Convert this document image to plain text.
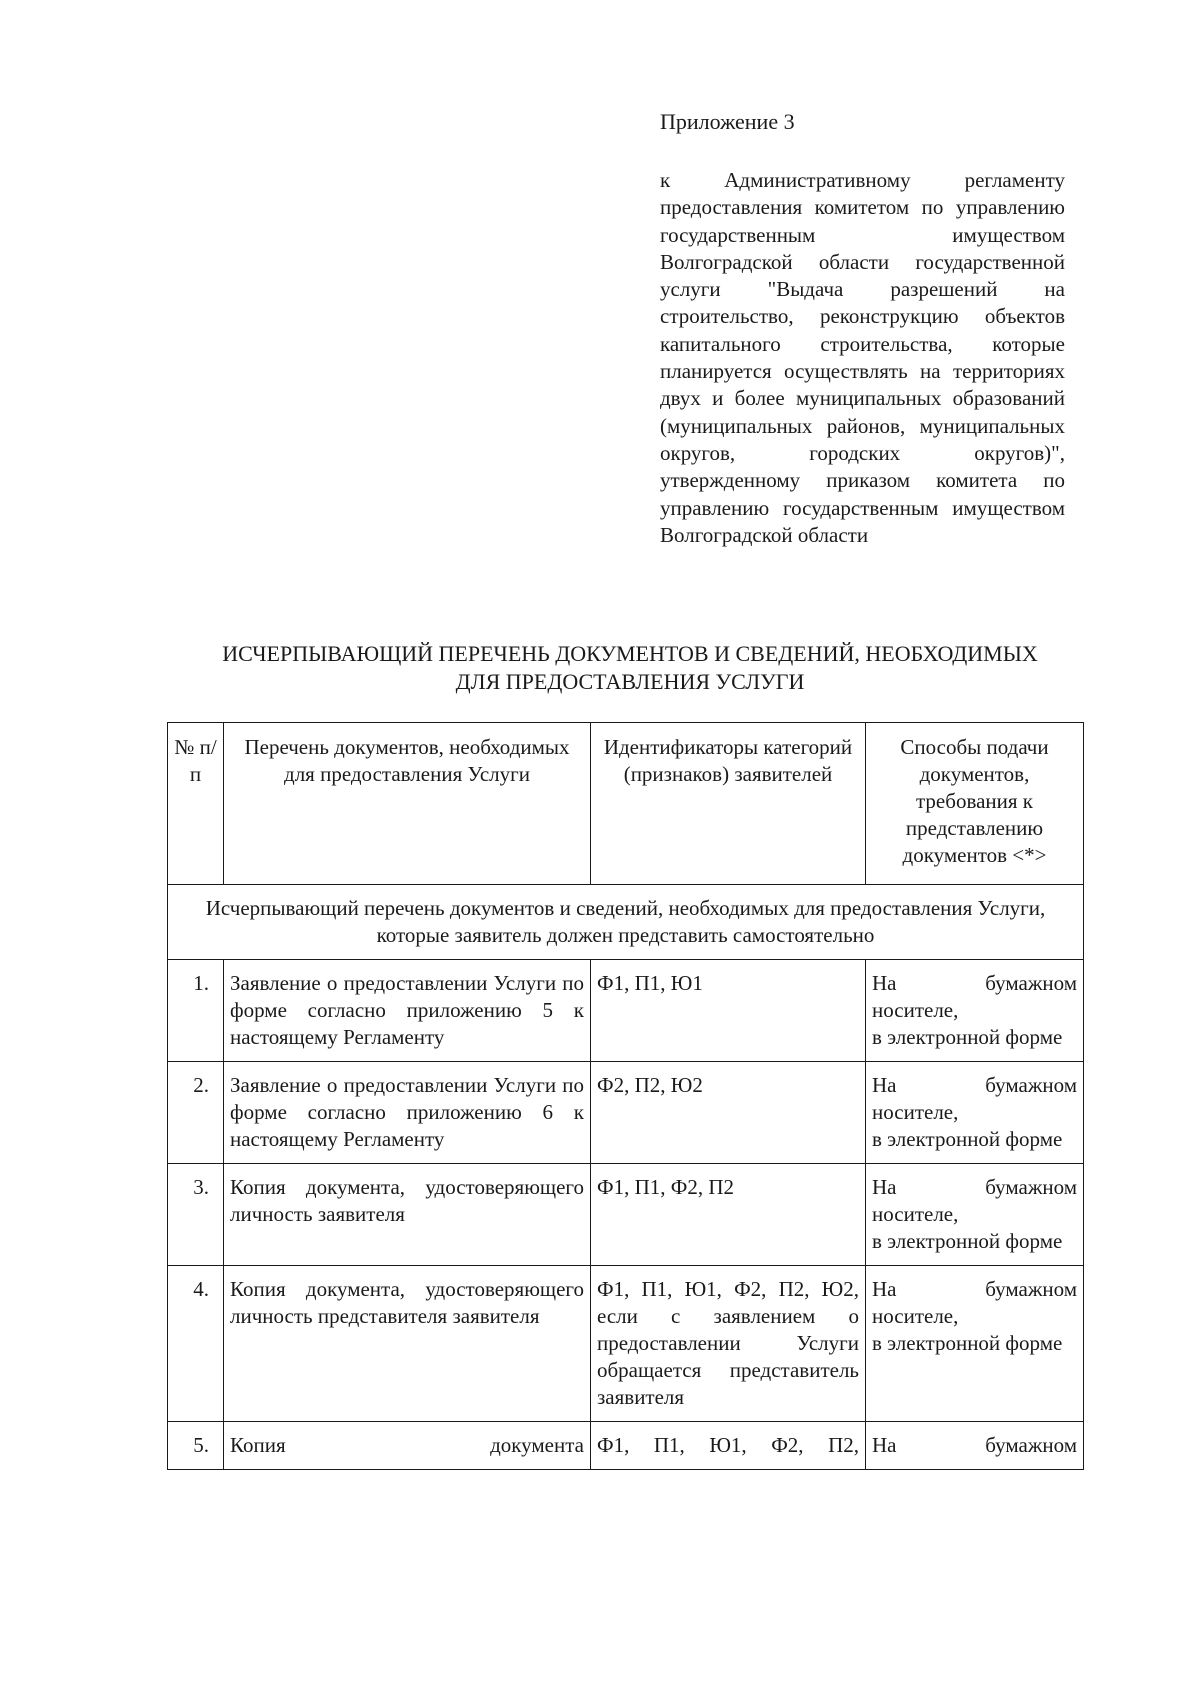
Приложение 3
к Административному регламенту предоставления комитетом по управлению государственным имуществом Волгоградской области государственной услуги "Выдача разрешений на строительство, реконструкцию объектов капитального строительства, которые планируется осуществлять на территориях двух и более муниципальных образований (муниципальных районов, муниципальных округов, городских округов)", утвержденному приказом комитета по управлению государственным имуществом Волгоградской области
ИСЧЕРПЫВАЮЩИЙ ПЕРЕЧЕНЬ ДОКУМЕНТОВ И СВЕДЕНИЙ, НЕОБХОДИМЫХ
ДЛЯ ПРЕДОСТАВЛЕНИЯ УСЛУГИ
№ п/п	Перечень документов, необходимых для предоставления Услуги	Идентификаторы категорий (признаков) заявителей	Способы подачи документов, требования к представлению документов <*>
Исчерпывающий перечень документов и сведений, необходимых для предоставления Услуги, которые заявитель должен представить самостоятельно			
1.	Заявление о предоставлении Услуги по форме согласно приложению 5 к настоящему Регламенту	Ф1, П1, Ю1	На бумажном носителе,
в электронной форме

2.	Заявление о предоставлении Услуги по форме согласно приложению 6 к настоящему Регламенту	Ф2, П2, Ю2	На бумажном носителе,
в электронной форме

3.	Копия документа, удостоверяющего личность заявителя	Ф1, П1, Ф2, П2	На бумажном носителе,
в электронной форме

4.	Копия документа, удостоверяющего личность представителя заявителя	Ф1, П1, Ю1, Ф2, П2, Ю2, если с заявлением о предоставлении Услуги обращается представитель заявителя	На бумажном носителе,
в электронной форме

5.	Копия документа	Ф1, П1, Ю1, Ф2, П2,	На бумажном
